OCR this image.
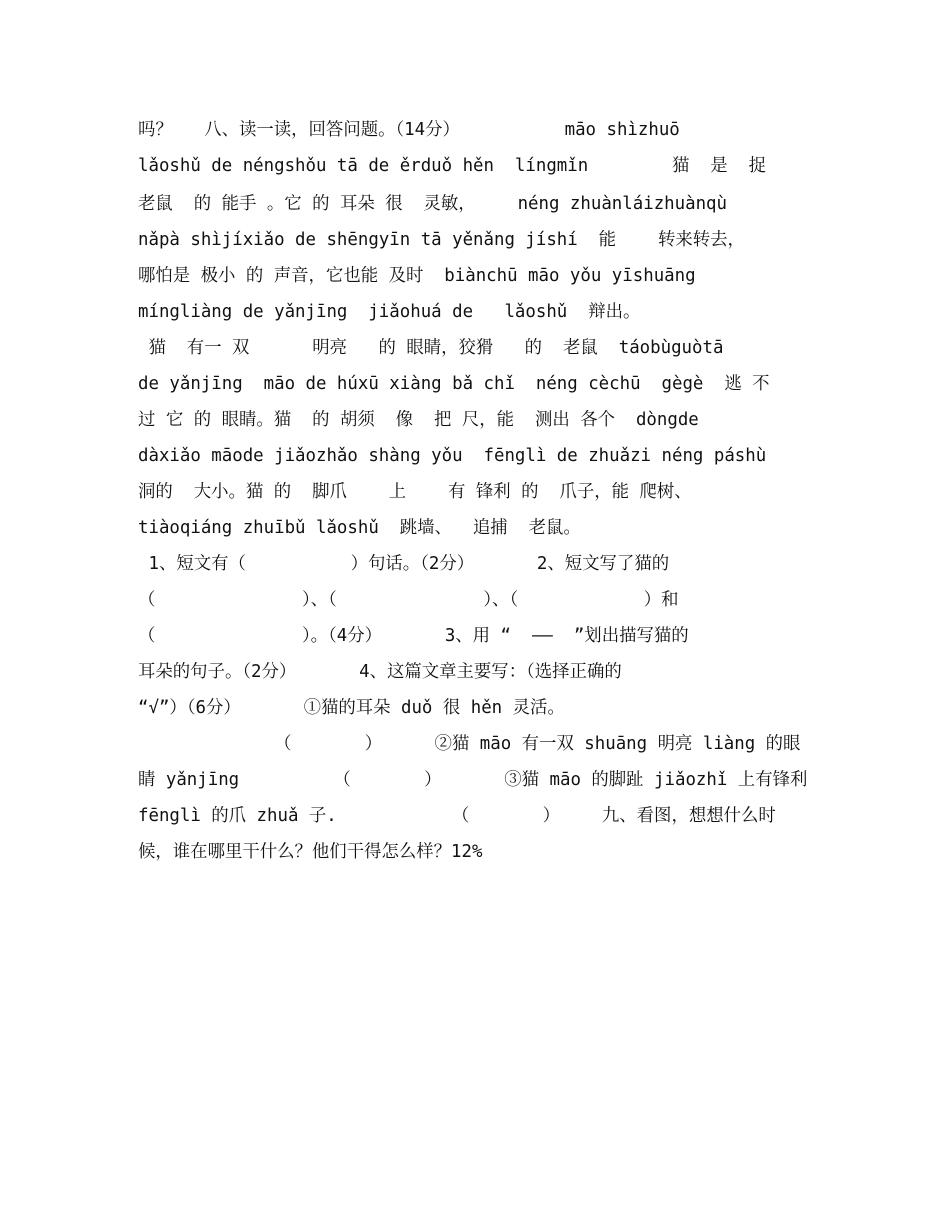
吗？   八、读一读，回答问题。（14分）          māo shìzhuō
lǎoshǔ de néngshǒu tā de ěrduǒ hěn  língmǐn        猫  是  捉
老鼠  的 能手 。它 的 耳朵 很  灵敏，    néng zhuànláizhuànqù
nǎpà shìjíxiǎo de shēngyīn tā yěnǎng jíshí  能    转来转去，
哪怕是 极小 的 声音，它也能 及时  biànchū māo yǒu yīshuāng
míngliàng de yǎnjīng  jiǎohuá de   lǎoshǔ  辩出。
猫  有一 双      明亮   的 眼睛，狡猾   的  老鼠  táobùguòtā
de yǎnjīng  māo de húxū xiàng bǎ chǐ  néng cèchū  gègè  逃 不
过 它 的 眼睛。猫  的 胡须  像  把 尺，能  测出 各个  dòngde
dàxiǎo māode jiǎozhǎo shàng yǒu  fēnglì de zhuǎzi néng páshù
洞的  大小。猫 的  脚爪    上    有 锋利 的  爪子，能 爬树、
tiàoqiáng zhuībǔ lǎoshǔ  跳墙、  追捕  老鼠。
1、短文有（          ）句话。（2分）      2、短文写了猫的
（              ）、（              ）、（            ）和
（              ）。（4分）      3、用 “  ——  ”划出描写猫的
耳朵的句子。（2分）      4、这篇文章主要写：（选择正确的
“√”）（6分）      ①猫的耳朵 duǒ 很 hěn 灵活。
（       ）     ②猫 māo 有一双 shuāng 明亮 liàng 的眼
睛 yǎnjīng         （       ）      ③猫 māo 的脚趾 jiǎozhǐ 上有锋利
fēnglì 的爪 zhuǎ 子.           （       ）    九、看图，想想什么时
候，谁在哪里干什么？他们干得怎么样？12%
